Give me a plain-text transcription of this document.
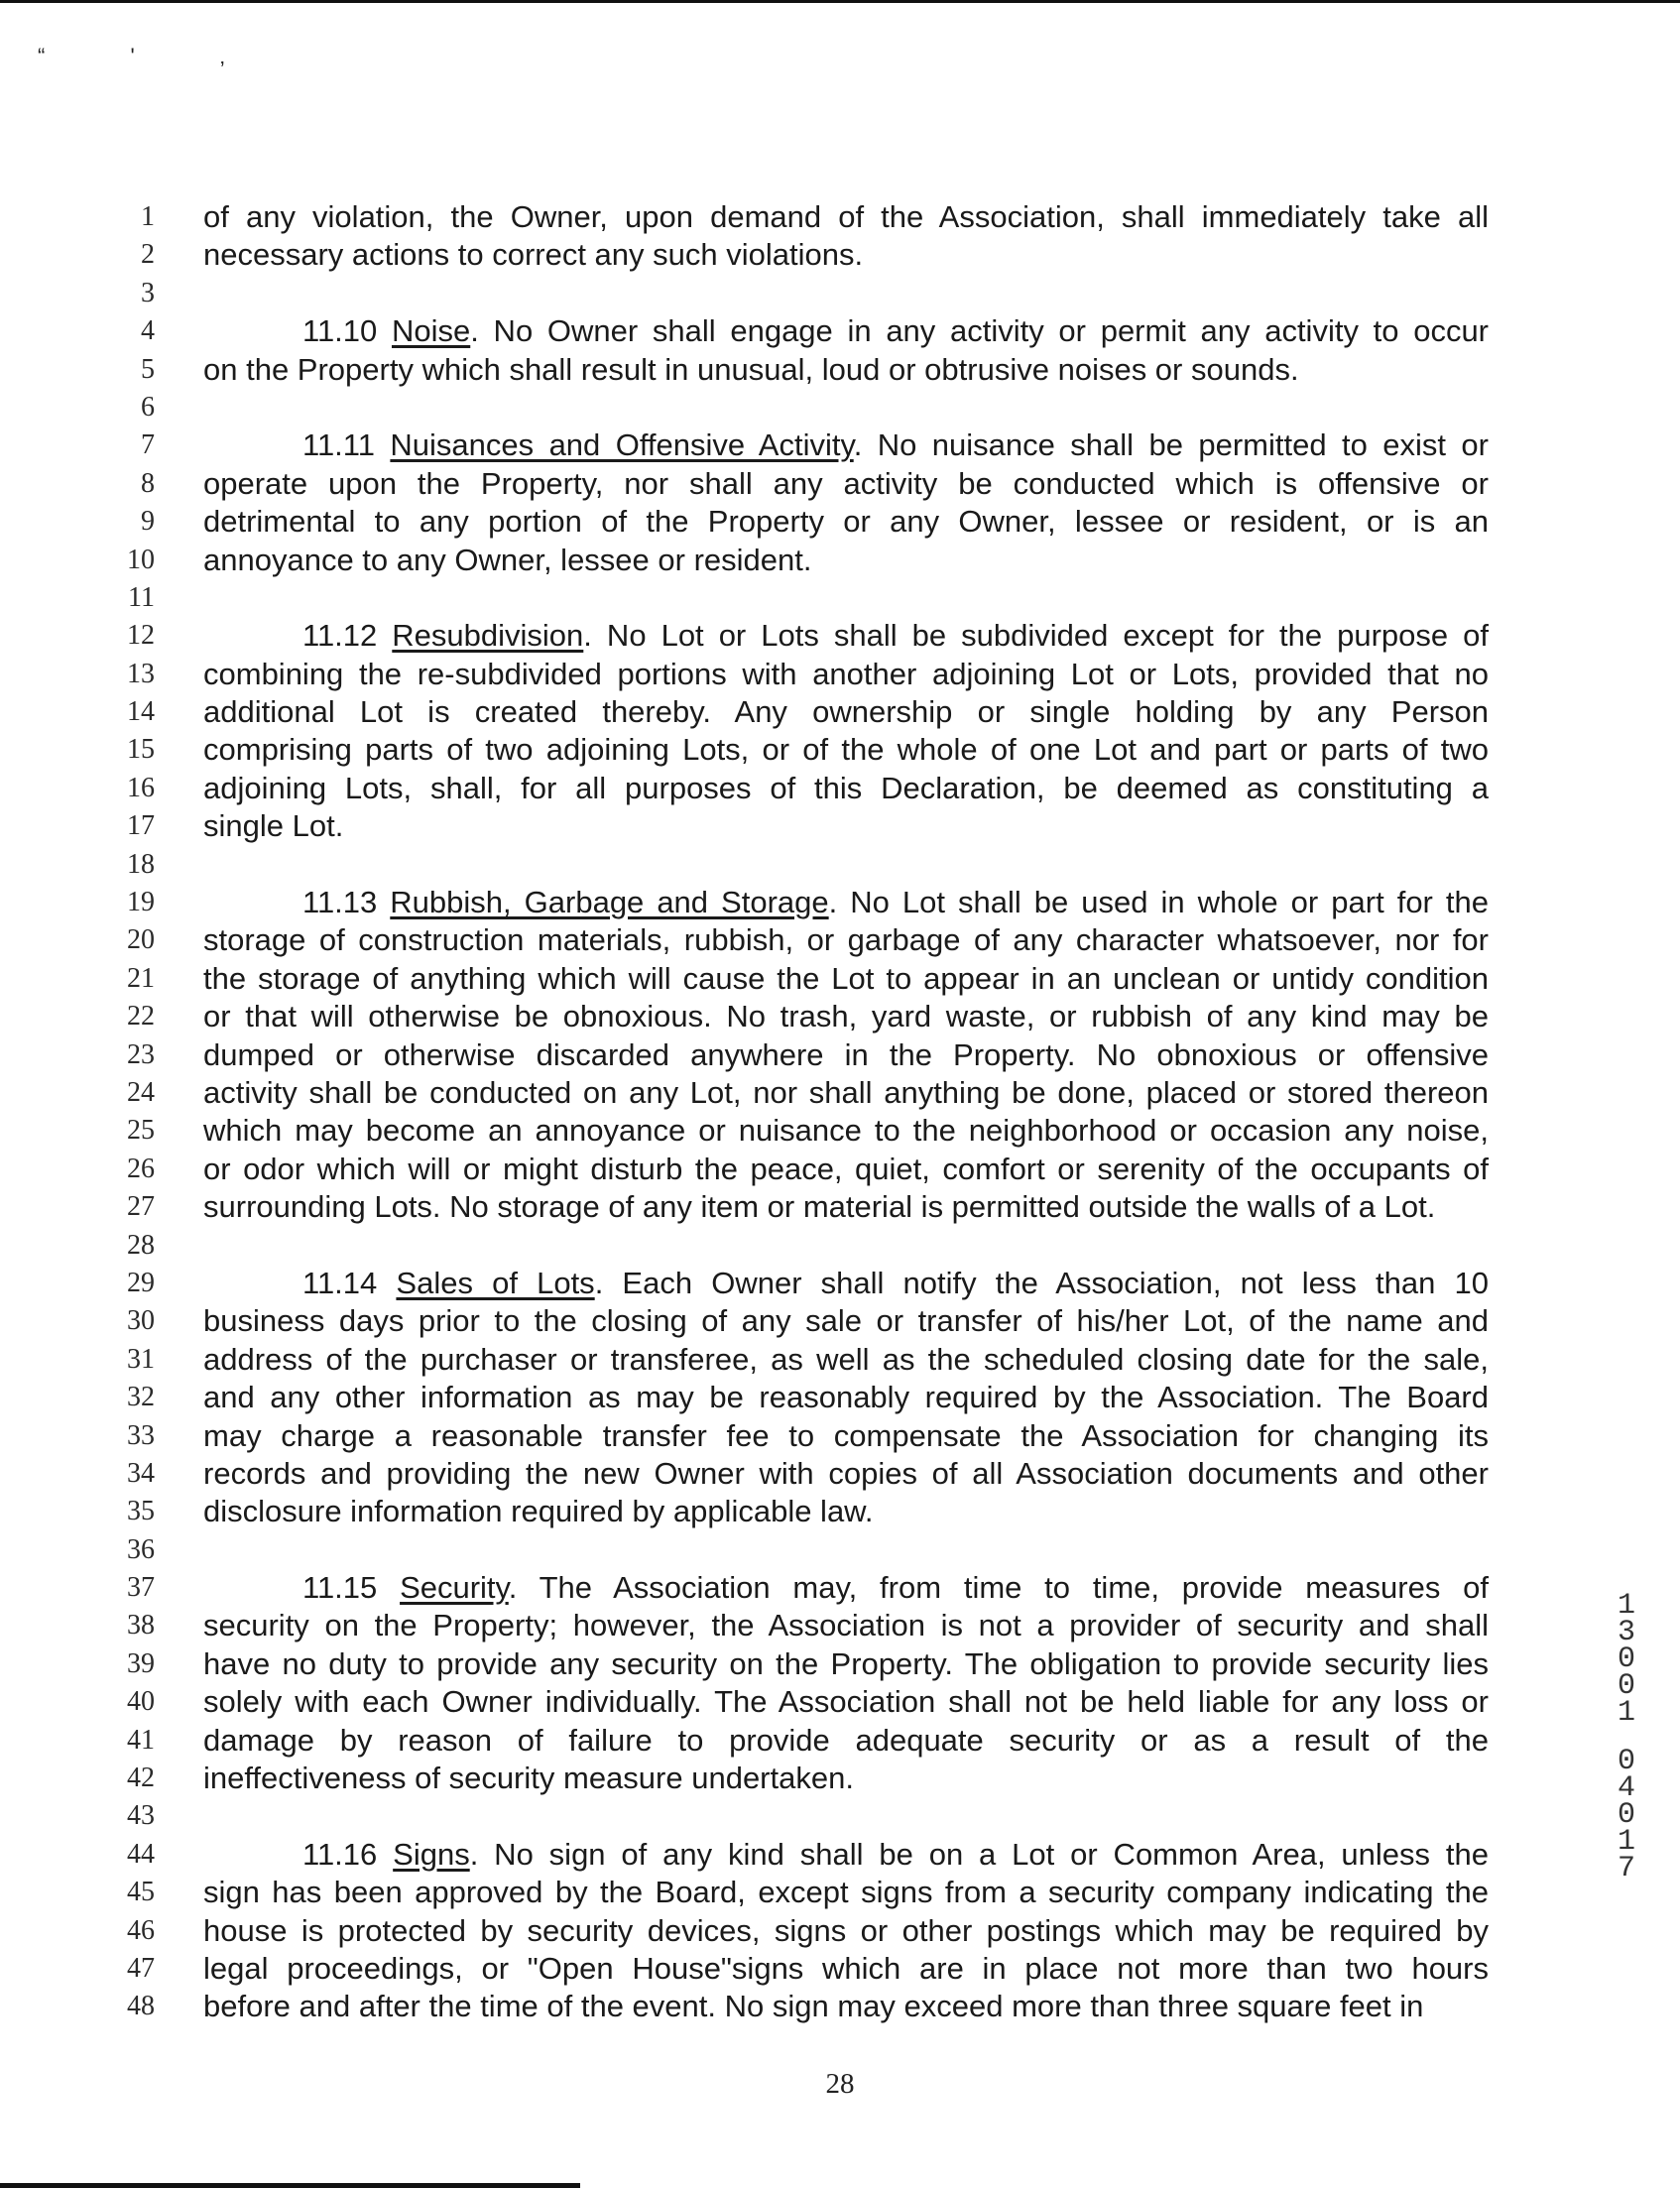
“ ' ‚
1
2
3
4
5
6
7
8
9
10
11
12
13
14
15
16
17
18
19
20
21
22
23
24
25
26
27
28
29
30
31
32
33
34
35
36
37
38
39
40
41
42
43
44
45
46
47
48
of any violation, the Owner, upon demand of the Association, shall immediately take all
necessary actions to correct any such violations.
11.10 Noise. No Owner shall engage in any activity or permit any activity to occur
on the Property which shall result in unusual, loud or obtrusive noises or sounds.
11.11 Nuisances and Offensive Activity. No nuisance shall be permitted to exist or
operate upon the Property, nor shall any activity be conducted which is offensive or
detrimental to any portion of the Property or any Owner, lessee or resident, or is an
annoyance to any Owner, lessee or resident.
11.12 Resubdivision. No Lot or Lots shall be subdivided except for the purpose of
combining the re-subdivided portions with another adjoining Lot or Lots, provided that no
additional Lot is created thereby. Any ownership or single holding by any Person
comprising parts of two adjoining Lots, or of the whole of one Lot and part or parts of two
adjoining Lots, shall, for all purposes of this Declaration, be deemed as constituting a
single Lot.
11.13 Rubbish, Garbage and Storage. No Lot shall be used in whole or part for the
storage of construction materials, rubbish, or garbage of any character whatsoever, nor for
the storage of anything which will cause the Lot to appear in an unclean or untidy condition
or that will otherwise be obnoxious. No trash, yard waste, or rubbish of any kind may be
dumped or otherwise discarded anywhere in the Property. No obnoxious or offensive
activity shall be conducted on any Lot, nor shall anything be done, placed or stored thereon
which may become an annoyance or nuisance to the neighborhood or occasion any noise,
or odor which will or might disturb the peace, quiet, comfort or serenity of the occupants of
surrounding Lots. No storage of any item or material is permitted outside the walls of a Lot.
11.14 Sales of Lots. Each Owner shall notify the Association, not less than 10
business days prior to the closing of any sale or transfer of his/her Lot, of the name and
address of the purchaser or transferee, as well as the scheduled closing date for the sale,
and any other information as may be reasonably required by the Association. The Board
may charge a reasonable transfer fee to compensate the Association for changing its
records and providing the new Owner with copies of all Association documents and other
disclosure information required by applicable law.
11.15 Security. The Association may, from time to time, provide measures of
security on the Property; however, the Association is not a provider of security and shall
have no duty to provide any security on the Property. The obligation to provide security lies
solely with each Owner individually. The Association shall not be held liable for any loss or
damage by reason of failure to provide adequate security or as a result of the
ineffectiveness of security measure undertaken.
11.16 Signs. No sign of any kind shall be on a Lot or Common Area, unless the
sign has been approved by the Board, except signs from a security company indicating the
house is protected by security devices, signs or other postings which may be required by
legal proceedings, or "Open House"signs which are in place not more than two hours
before and after the time of the event. No sign may exceed more than three square feet in
1
3
0
0
1
0
4
0
1
7
28
